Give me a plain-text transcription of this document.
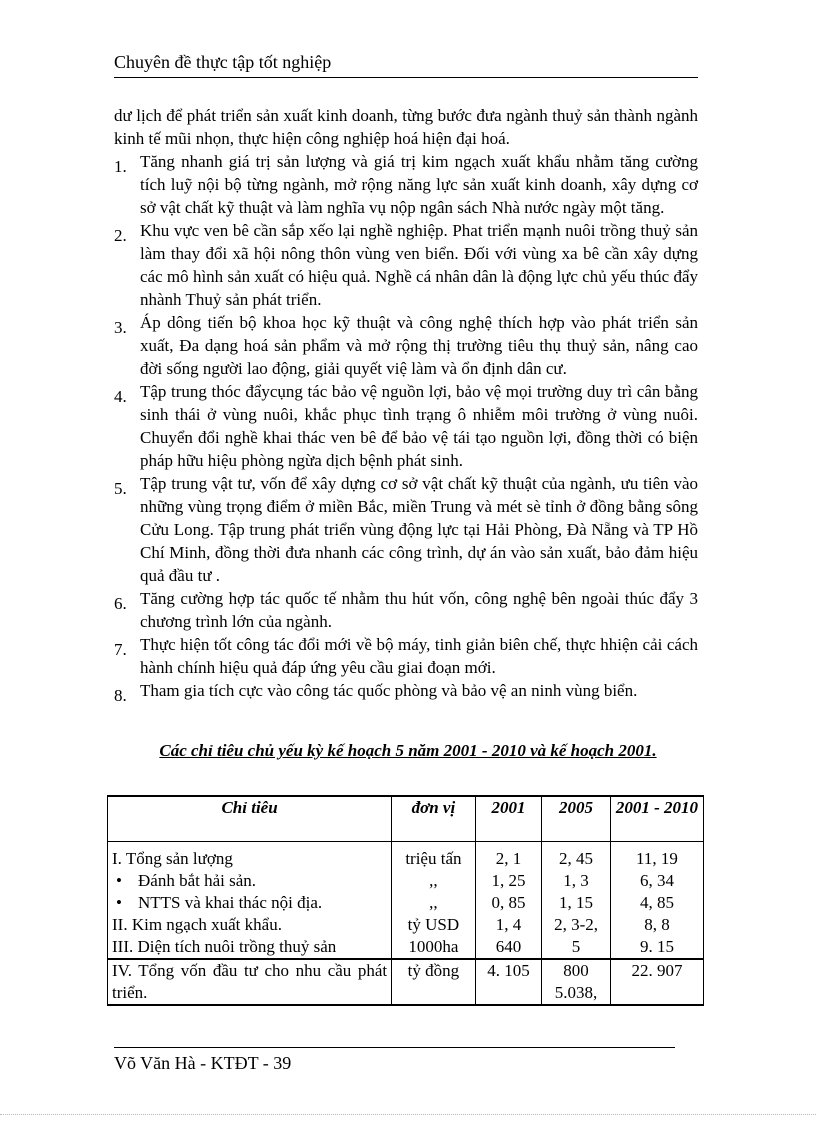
Chuyên đề thực tập tốt nghiệp
dư lịch để phát triển sản xuất kinh doanh, từng bước đưa ngành thuỷ sản thành ngành kinh tế mũi nhọn, thực hiện công nghiệp hoá hiện đại hoá.

1. Tăng nhanh giá trị sản lượng và giá trị kim ngạch xuất khẩu nhằm tăng cường tích luỹ nội bộ từng ngành, mở rộng năng lực sản xuất kinh doanh, xây dựng cơ sở vật chất kỹ thuật và làm nghĩa vụ nộp ngân sách Nhà nước ngày một tăng.

2. Khu vực ven bê cần sắp xếo lại nghề nghiệp. Phat triển mạnh nuôi trồng thuỷ sản làm thay đổi xã hội nông thôn vùng ven biển. Đối với vùng xa bê cần xây dựng các mô hình sản xuất có hiệu quả. Nghề cá nhân dân là động lực chủ yếu thúc đẩy nhành Thuỷ sản phát triển.

3. Áp dông tiến bộ khoa học kỹ thuật và công nghệ thích hợp vào phát triển sản xuất, Đa dạng hoá sản phẩm và mở rộng thị trường tiêu thụ thuỷ sản, nâng cao đời sống người lao động, giải quyết việ làm và ổn định dân cư.

4. Tập trung thóc đẩycụng tác bảo vệ nguồn lợi, bảo vệ mọi trường duy trì cân bằng sinh thái ở vùng nuôi, khắc phục tình trạng ô nhiễm môi trường ở vùng nuôi. Chuyển đổi nghề khai thác ven bê để bảo vệ tái tạo nguồn lợi, đồng thời có biện pháp hữu hiệu phòng ngừa dịch bệnh phát sinh.

5. Tập trung vật tư, vốn để xây dựng cơ sở vật chất kỹ thuật của ngành, ưu tiên vào những vùng trọng điểm ở miền Bắc, miền Trung và mét sè tỉnh ở đồng bằng sông Cửu Long. Tập trung phát triển vùng động lực tại Hải Phòng, Đà Nẵng và TP Hồ Chí Minh, đồng thời đưa nhanh các công trình, dự án vào sản xuất, bảo đảm hiệu quả đầu tư .

6. Tăng cường hợp tác quốc tế nhằm thu hút vốn, công nghệ bên ngoài thúc đẩy 3 chương trình lớn của ngành.

7. Thực hiện tốt công tác đổi mới về bộ máy, tinh giản biên chế, thực hhiện cải cách hành chính hiệu quả đáp ứng yêu cầu giai đoạn mới.

8. Tham gia tích cực vào công tác quốc phòng và bảo vệ an ninh vùng biển.

Các chỉ tiêu chủ yếu kỳ kế hoạch 5 năm 2001 - 2010 và kế hoạch 2001.
Chỉ tiêu	đơn vị	2001	2005	2001 - 2010
I. Tổng sản lượng	triệu tấn	2, 1	2, 45	11, 19

• Đánh bắt hải sản.	,,	1, 25	1, 3	6, 34

• NTTS và khai thác nội địa.	,,	0, 85	1, 15	4, 85
II. Kim ngạch xuất khẩu.	tỷ USD	1, 4	2, 3-2,	8, 8
III. Diện tích nuôi trồng thuỷ sản	1000ha	640	5	9. 15
IV. Tổng vốn đầu tư cho nhu cầu phát triển.	tỷ đồng	4. 105	800 5.038,	22. 907
Võ Văn Hà - KTĐT - 39
